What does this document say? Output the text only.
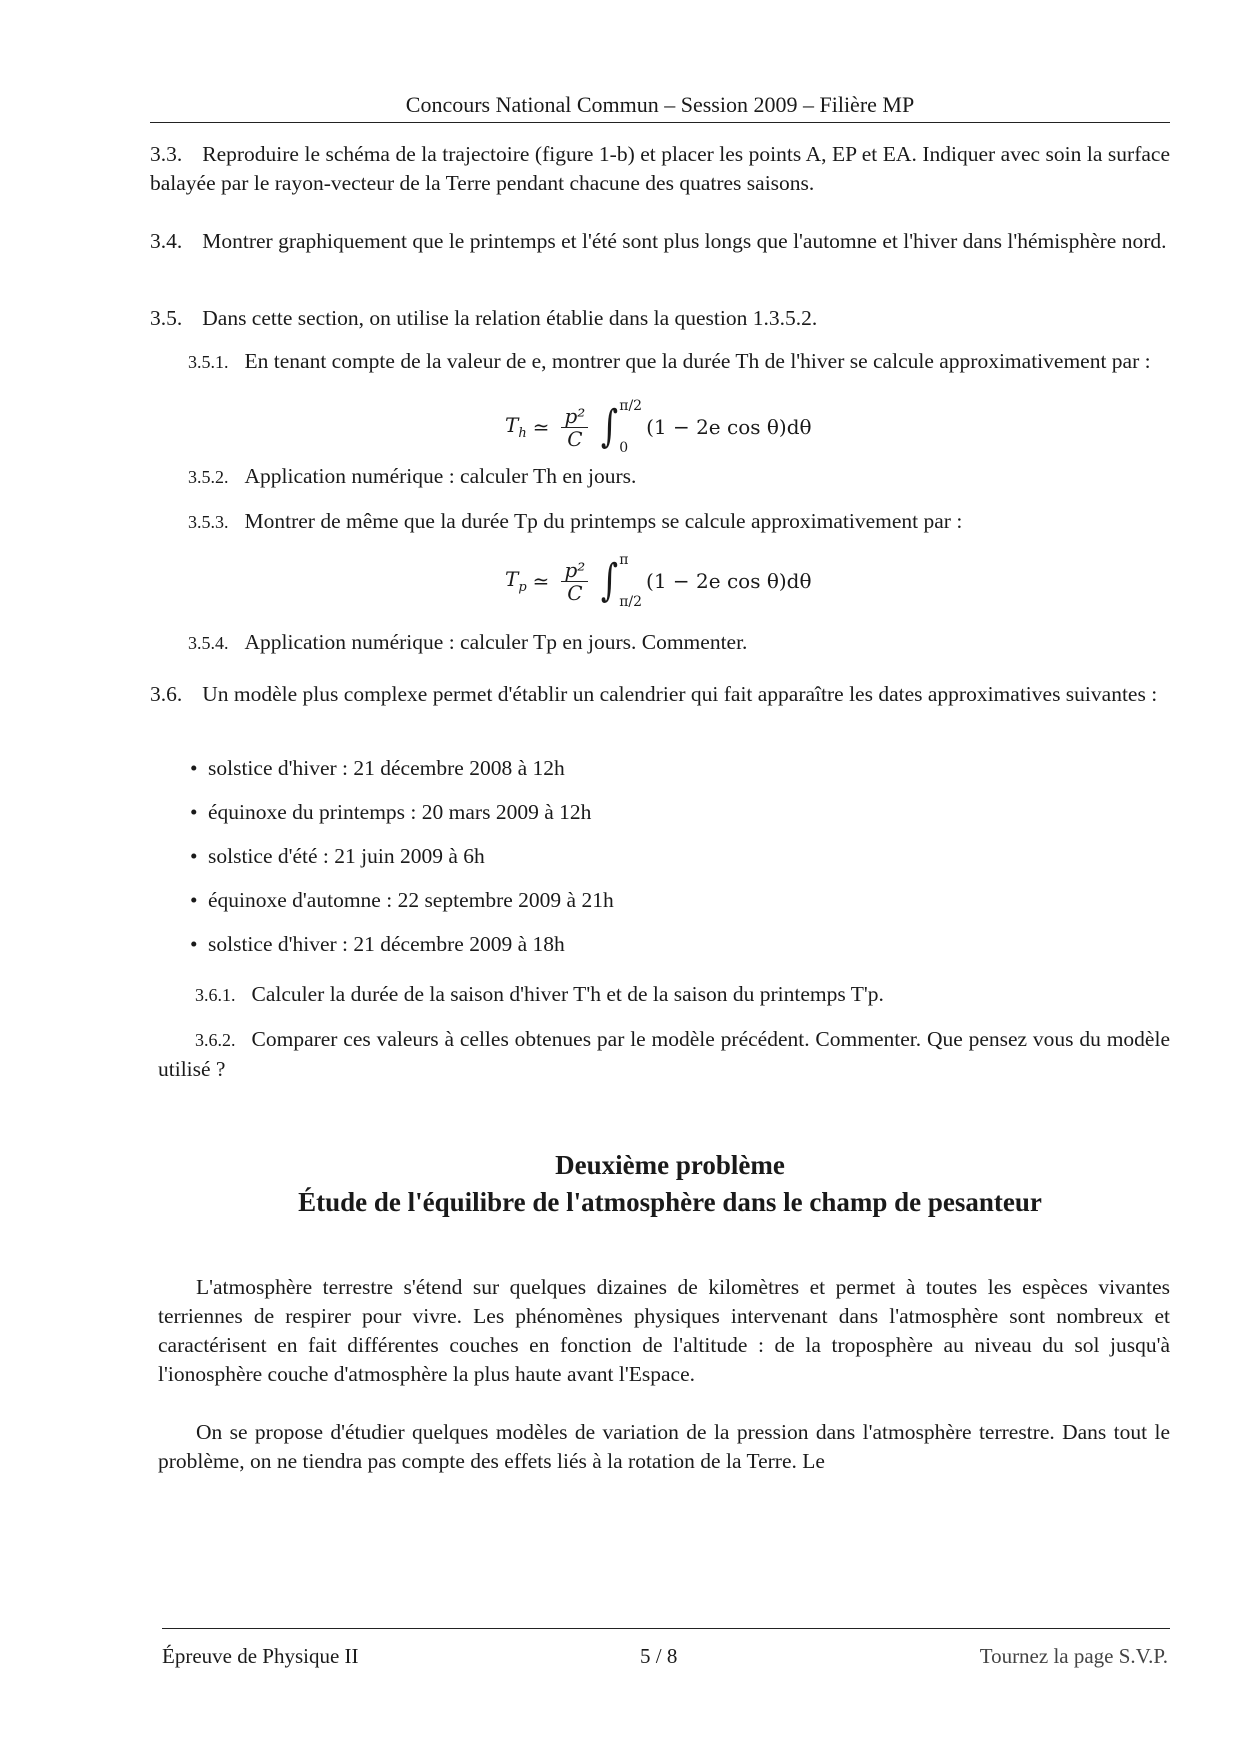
Concours National Commun – Session 2009 – Filière MP
3.3. Reproduire le schéma de la trajectoire (figure 1-b) et placer les points A, EP et EA. Indiquer avec soin la surface balayée par le rayon-vecteur de la Terre pendant chacune des quatres saisons.
3.4. Montrer graphiquement que le printemps et l'été sont plus longs que l'automne et l'hiver dans l'hémisphère nord.
3.5. Dans cette section, on utilise la relation établie dans la question 1.3.5.2.
3.5.1. En tenant compte de la valeur de e, montrer que la durée Th de l'hiver se calcule approximativement par :
$T_h$ ≃ $\frac{\text{p²}}{C}$ ∫ π/2
0
(1 − 2e cos θ)dθ
3.5.2. Application numérique : calculer Th en jours.
3.5.3. Montrer de même que la durée Tp du printemps se calcule approximativement par :
$T_p$ ≃ $\frac{\text{p²}}{C}$ ∫ π
π/2
(1 − 2e cos θ)dθ
3.5.4. Application numérique : calculer Tp en jours. Commenter.
3.6. Un modèle plus complexe permet d'établir un calendrier qui fait apparaître les dates approximatives suivantes :
• solstice d'hiver : 21 décembre 2008 à 12h
• équinoxe du printemps : 20 mars 2009 à 12h
• solstice d'été : 21 juin 2009 à 6h
• équinoxe d'automne : 22 septembre 2009 à 21h
• solstice d'hiver : 21 décembre 2009 à 18h
3.6.1. Calculer la durée de la saison d'hiver T'h et de la saison du printemps T'p.
3.6.2. Comparer ces valeurs à celles obtenues par le modèle précédent. Commenter. Que pensez vous du modèle utilisé ?
Deuxième problème
Étude de l'équilibre de l'atmosphère dans le champ de pesanteur
L'atmosphère terrestre s'étend sur quelques dizaines de kilomètres et permet à toutes les espèces vivantes terriennes de respirer pour vivre. Les phénomènes physiques intervenant dans l'atmosphère sont nombreux et caractérisent en fait différentes couches en fonction de l'altitude : de la troposphère au niveau du sol jusqu'à l'ionosphère couche d'atmosphère la plus haute avant l'Espace.
On se propose d'étudier quelques modèles de variation de la pression dans l'atmosphère terrestre. Dans tout le problème, on ne tiendra pas compte des effets liés à la rotation de la Terre. Le
Épreuve de Physique II	5 / 8	Tournez la page S.V.P.
